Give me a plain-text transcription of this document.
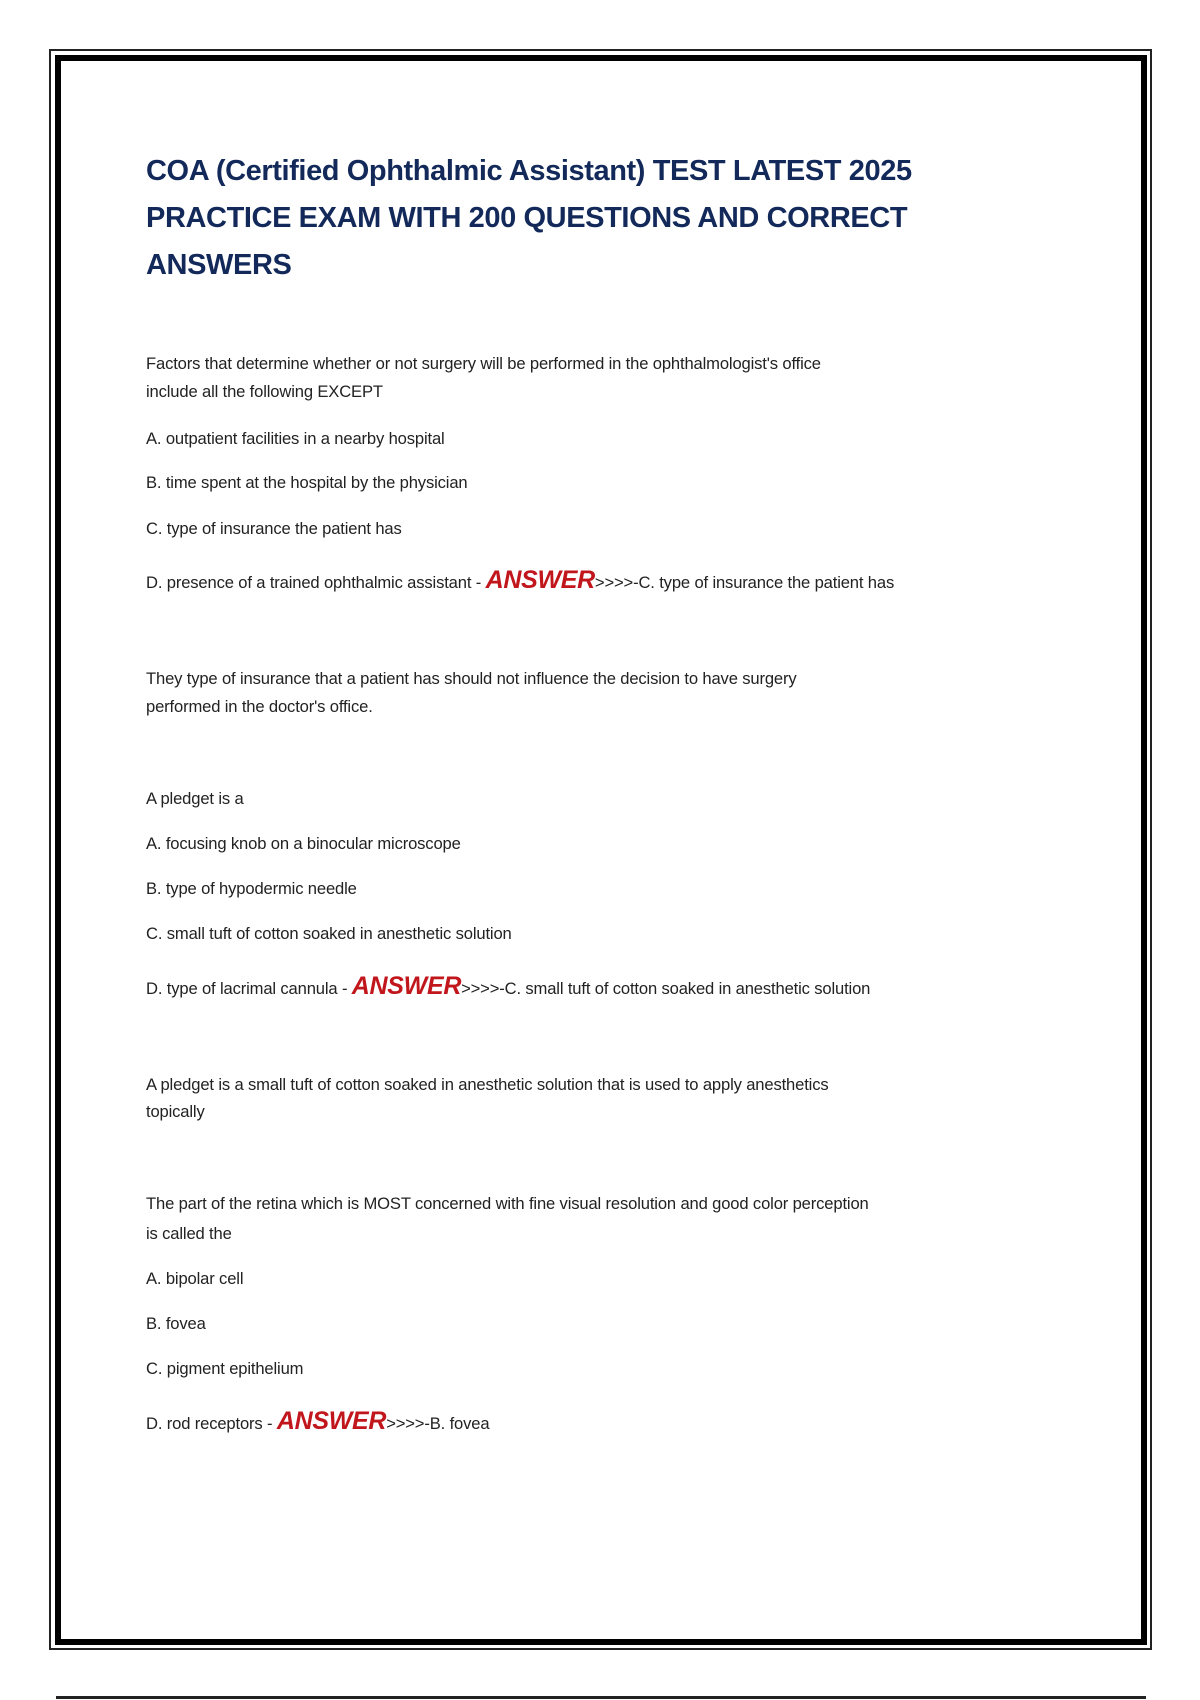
COA (Certified Ophthalmic Assistant) TEST LATEST 2025 PRACTICE EXAM WITH 200 QUESTIONS AND CORRECT ANSWERS
Factors that determine whether or not surgery will be performed in the ophthalmologist's office
include all the following EXCEPT
A. outpatient facilities in a nearby hospital
B. time spent at the hospital by the physician
C. type of insurance the patient has
D. presence of a trained ophthalmic assistant - ANSWER>>>>-C. type of insurance the patient has
They type of insurance that a patient has should not influence the decision to have surgery
performed in the doctor's office.
A pledget is a
A. focusing knob on a binocular microscope
B. type of hypodermic needle
C. small tuft of cotton soaked in anesthetic solution
D. type of lacrimal cannula - ANSWER>>>>-C. small tuft of cotton soaked in anesthetic solution
A pledget is a small tuft of cotton soaked in anesthetic solution that is used to apply anesthetics
topically
The part of the retina which is MOST concerned with fine visual resolution and good color perception
is called the
A. bipolar cell
B. fovea
C. pigment epithelium
D. rod receptors - ANSWER>>>>-B. fovea
